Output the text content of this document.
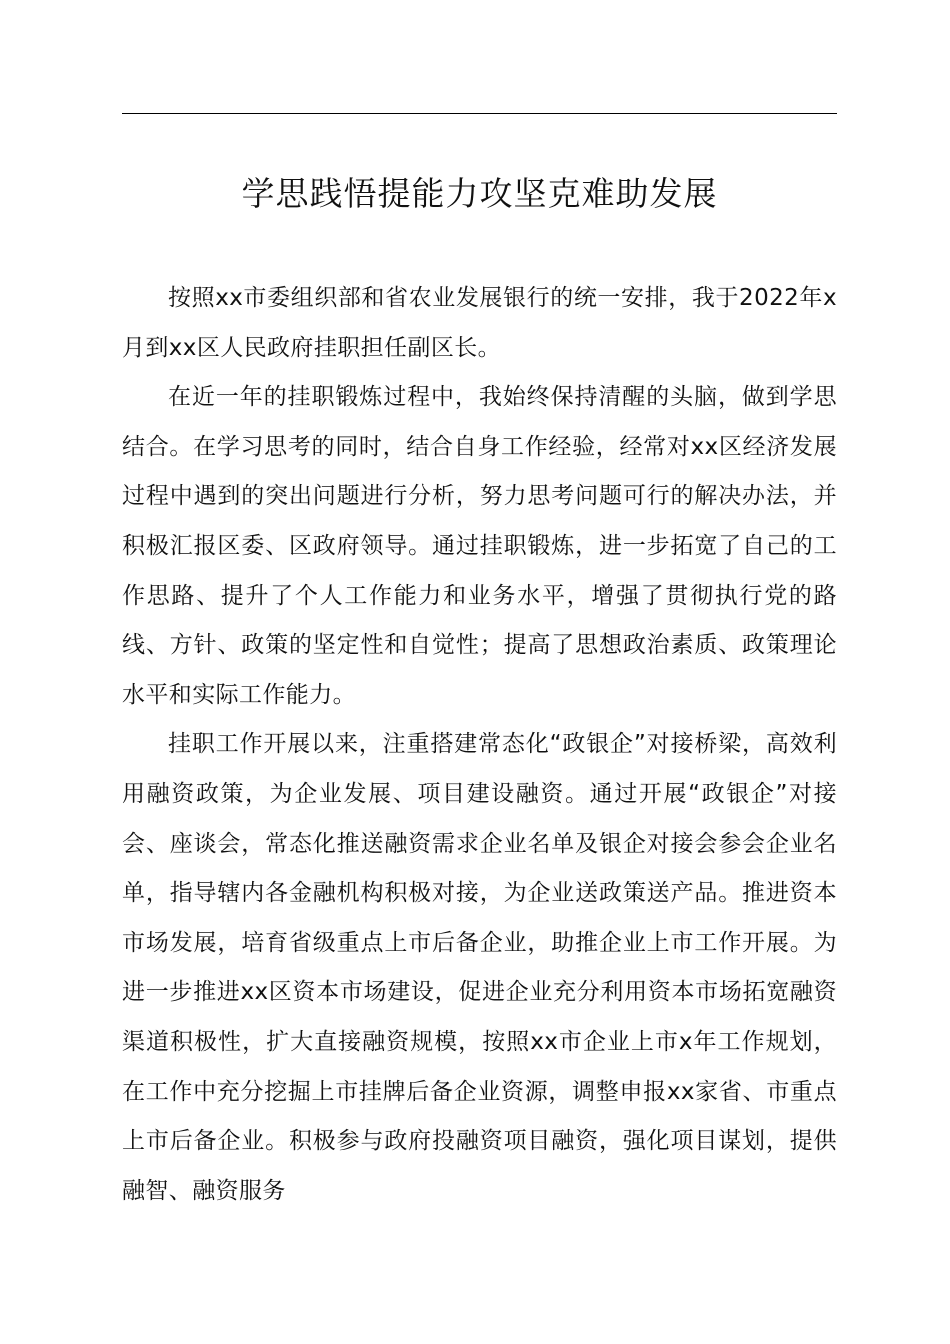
学思践悟提能力攻坚克难助发展

按照xx市委组织部和省农业发展银行的统一安排，我于2022年x月到xx区人民政府挂职担任副区长。

在近一年的挂职锻炼过程中，我始终保持清醒的头脑，做到学思结合。在学习思考的同时，结合自身工作经验，经常对xx区经济发展过程中遇到的突出问题进行分析，努力思考问题可行的解决办法，并积极汇报区委、区政府领导。通过挂职锻炼，进一步拓宽了自己的工作思路、提升了个人工作能力和业务水平，增强了贯彻执行党的路线、方针、政策的坚定性和自觉性；提高了思想政治素质、政策理论水平和实际工作能力。

挂职工作开展以来，注重搭建常态化“政银企”对接桥梁，高效利用融资政策，为企业发展、项目建设融资。通过开展“政银企”对接会、座谈会，常态化推送融资需求企业名单及银企对接会参会企业名单，指导辖内各金融机构积极对接，为企业送政策送产品。推进资本市场发展，培育省级重点上市后备企业，助推企业上市工作开展。为进一步推进xx区资本市场建设，促进企业充分利用资本市场拓宽融资渠道积极性，扩大直接融资规模，按照xx市企业上市x年工作规划，在工作中充分挖掘上市挂牌后备企业资源，调整申报xx家省、市重点上市后备企业。积极参与政府投融资项目融资，强化项目谋划，提供融智、融资服务
